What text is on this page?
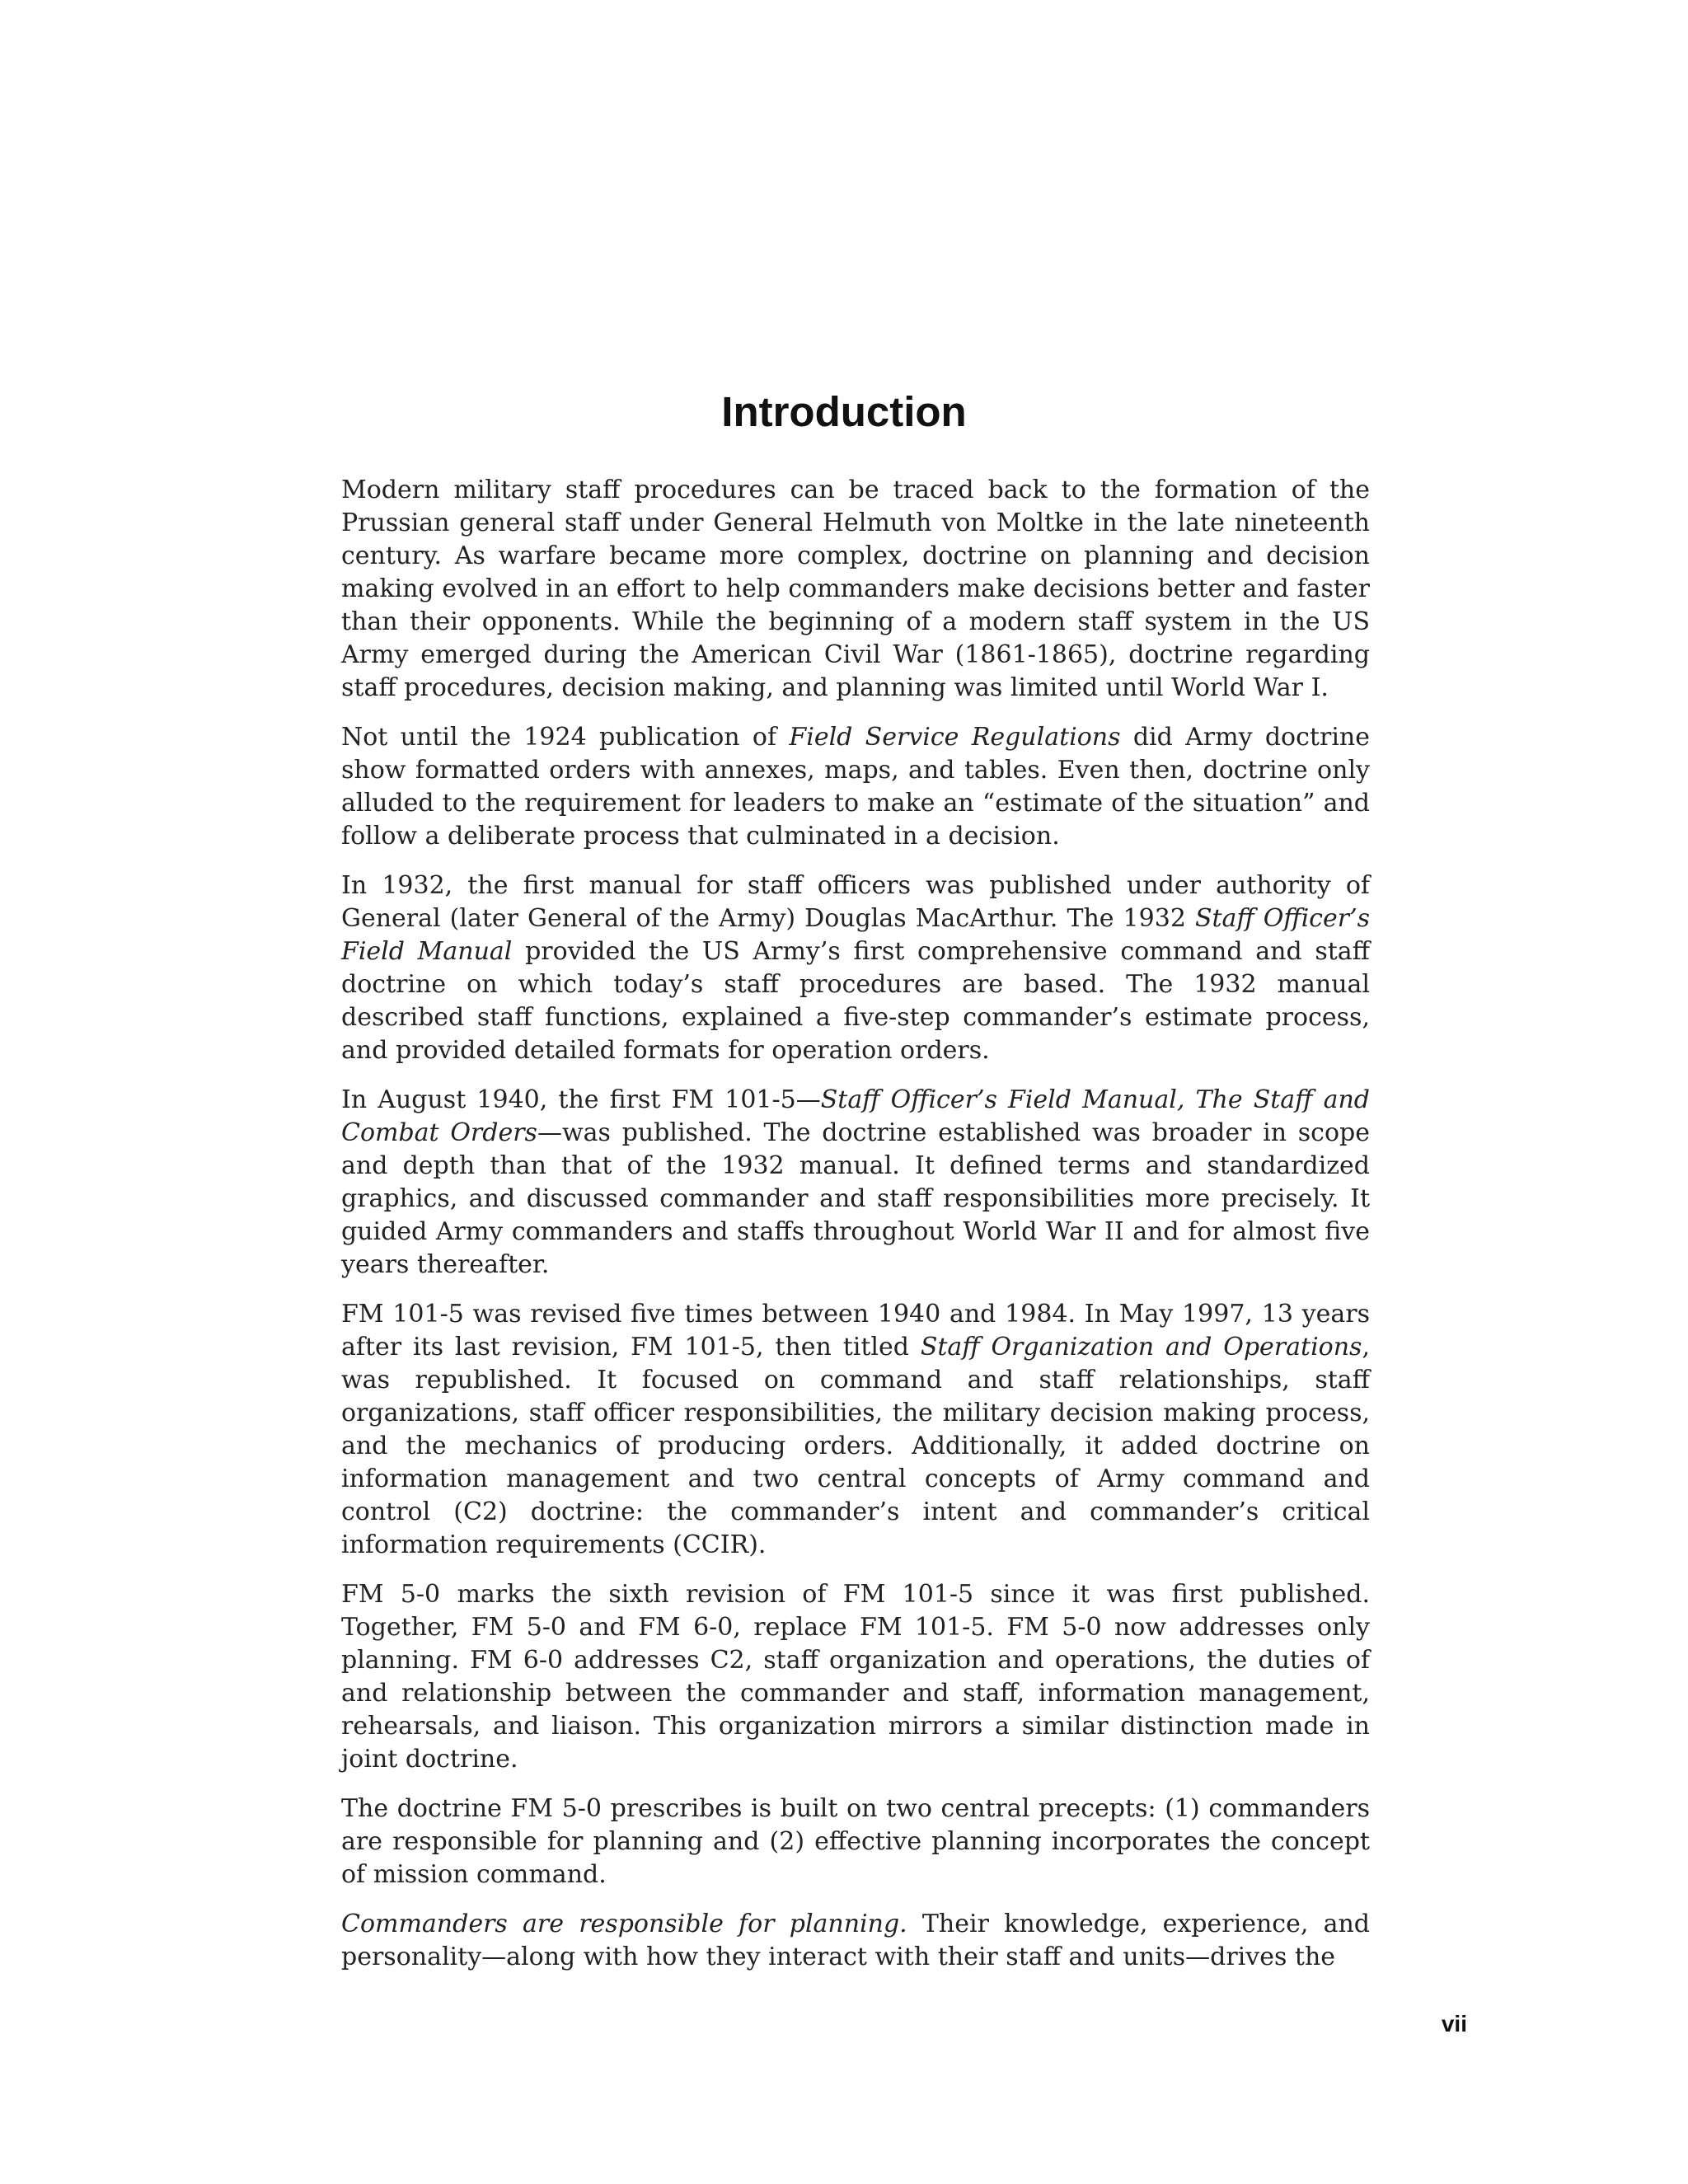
Introduction

Modern military staff procedures can be traced back to the formation of the Prussian general staff under General Helmuth von Moltke in the late nineteenth century. As warfare became more complex, doctrine on planning and decision making evolved in an effort to help commanders make decisions better and faster than their opponents. While the beginning of a modern staff system in the US Army emerged during the American Civil War (1861-1865), doctrine regarding staff procedures, decision making, and planning was limited until World War I.

Not until the 1924 publication of Field Service Regulations did Army doctrine show formatted orders with annexes, maps, and tables. Even then, doctrine only alluded to the requirement for leaders to make an “estimate of the situation” and follow a deliberate process that culminated in a decision.

In 1932, the first manual for staff officers was published under authority of General (later General of the Army) Douglas MacArthur. The 1932 Staff Officer’s Field Manual provided the US Army’s first comprehensive command and staff doctrine on which today’s staff procedures are based. The 1932 manual described staff functions, explained a five-step commander’s estimate process, and provided detailed formats for operation orders.

In August 1940, the first FM 101-5—Staff Officer’s Field Manual, The Staff and Combat Orders—was published. The doctrine established was broader in scope and depth than that of the 1932 manual. It defined terms and standardized graphics, and discussed commander and staff responsibilities more precisely. It guided Army commanders and staffs throughout World War II and for almost five years thereafter.

FM 101-5 was revised five times between 1940 and 1984. In May 1997, 13 years after its last revision, FM 101-5, then titled Staff Organization and Operations, was republished. It focused on command and staff relationships, staff organizations, staff officer responsibilities, the military decision making process, and the mechanics of producing orders. Additionally, it added doctrine on information management and two central concepts of Army command and control (C2) doctrine: the commander’s intent and commander’s critical information requirements (CCIR).

FM 5-0 marks the sixth revision of FM 101-5 since it was first published. Together, FM 5-0 and FM 6-0, replace FM 101-5. FM 5-0 now addresses only planning. FM 6-0 addresses C2, staff organization and operations, the duties of and relationship between the commander and staff, information management, rehearsals, and liaison. This organization mirrors a similar distinction made in joint doctrine.

The doctrine FM 5-0 prescribes is built on two central precepts: (1) commanders are responsible for planning and (2) effective planning incorporates the concept of mission command.

Commanders are responsible for planning. Their knowledge, experience, and personality—along with how they interact with their staff and units—drives the

vii
